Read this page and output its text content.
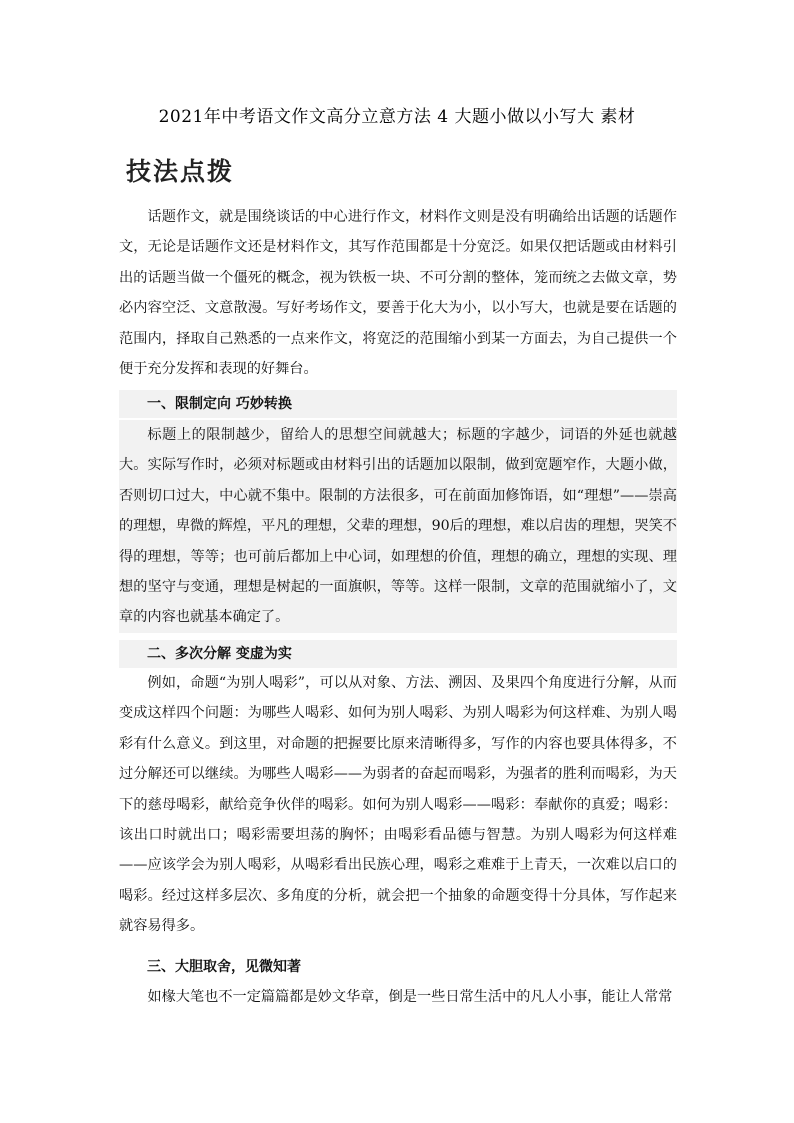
2021年中考语文作文高分立意方法 4 大题小做以小写大 素材
技法点拨

话题作文，就是围绕谈话的中心进行作文，材料作文则是没有明确给出话题的话题作文，无论是话题作文还是材料作文，其写作范围都是十分宽泛。如果仅把话题或由材料引出的话题当做一个僵死的概念，视为铁板一块、不可分割的整体，笼而统之去做文章，势必内容空泛、文意散漫。写好考场作文，要善于化大为小，以小写大，也就是要在话题的范围内，择取自己熟悉的一点来作文，将宽泛的范围缩小到某一方面去，为自己提供一个便于充分发挥和表现的好舞台。

一、限制定向 巧妙转换

标题上的限制越少，留给人的思想空间就越大；标题的字越少，词语的外延也就越大。实际写作时，必须对标题或由材料引出的话题加以限制，做到宽题窄作，大题小做，否则切口过大，中心就不集中。限制的方法很多，可在前面加修饰语，如“理想”——崇高的理想，卑微的辉煌，平凡的理想，父辈的理想，90后的理想，难以启齿的理想，哭笑不得的理想，等等；也可前后都加上中心词，如理想的价值，理想的确立，理想的实现、理想的坚守与变通，理想是树起的一面旗帜，等等。这样一限制，文章的范围就缩小了，文章的内容也就基本确定了。

二、多次分解 变虚为实

例如，命题“为别人喝彩”，可以从对象、方法、溯因、及果四个角度进行分解，从而变成这样四个问题：为哪些人喝彩、如何为别人喝彩、为别人喝彩为何这样难、为别人喝彩有什么意义。到这里，对命题的把握要比原来清晰得多，写作的内容也要具体得多，不过分解还可以继续。为哪些人喝彩——为弱者的奋起而喝彩，为强者的胜利而喝彩，为天下的慈母喝彩，献给竞争伙伴的喝彩。如何为别人喝彩——喝彩：奉献你的真爱；喝彩：该出口时就出口；喝彩需要坦荡的胸怀；由喝彩看品德与智慧。为别人喝彩为何这样难——应该学会为别人喝彩，从喝彩看出民族心理，喝彩之难难于上青天，一次难以启口的喝彩。经过这样多层次、多角度的分析，就会把一个抽象的命题变得十分具体，写作起来就容易得多。

三、大胆取舍，见微知著

如椽大笔也不一定篇篇都是妙文华章，倒是一些日常生活中的凡人小事，能让人常常
